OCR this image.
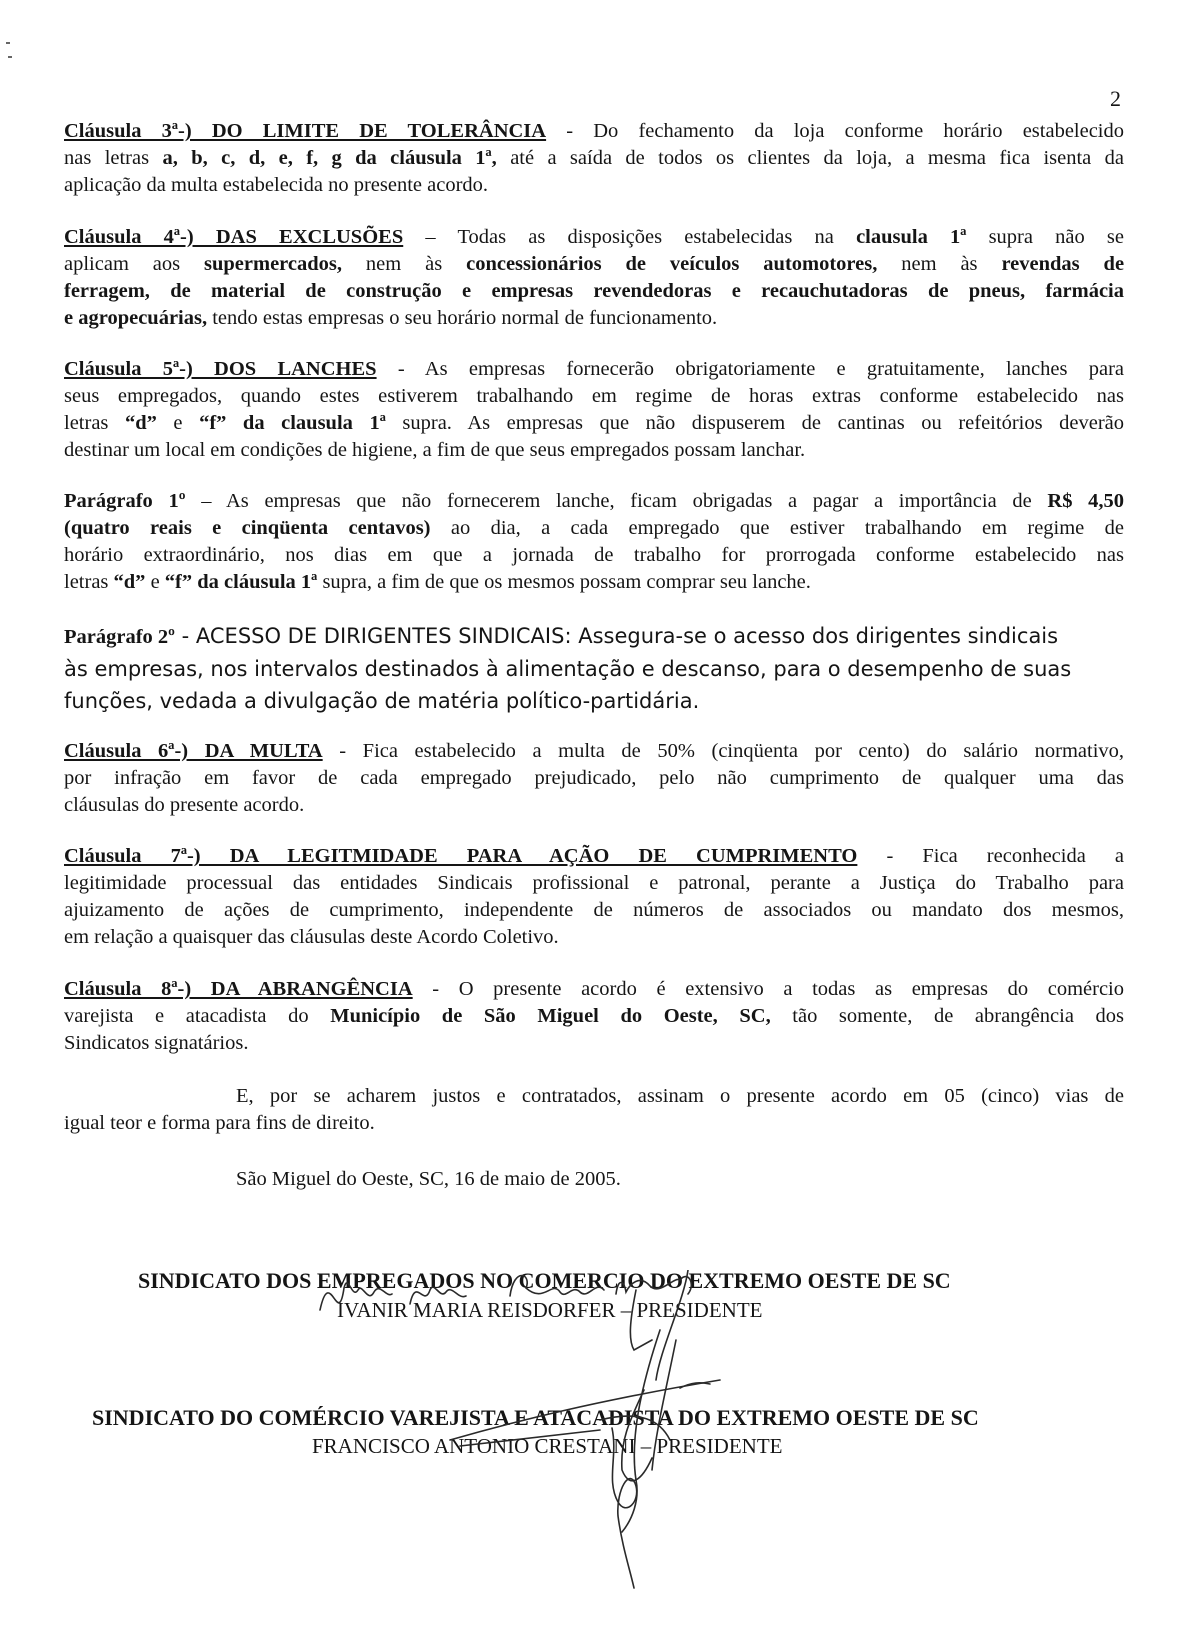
2
Cláusula 3ª-) DO LIMITE DE TOLERÂNCIA - Do fechamento da loja conforme horário estabelecido
nas letras a, b, c, d, e, f, g da cláusula 1ª, até a saída de todos os clientes da loja, a mesma fica isenta da
aplicação da multa estabelecida no presente acordo.
Cláusula 4ª-) DAS EXCLUSÕES – Todas as disposições estabelecidas na clausula 1ª supra não se
aplicam aos supermercados, nem às concessionários de veículos automotores, nem às revendas de
ferragem, de material de construção e empresas revendedoras e recauchutadoras de pneus, farmácia
e agropecuárias, tendo estas empresas o seu horário normal de funcionamento.
Cláusula 5ª-) DOS LANCHES - As empresas fornecerão obrigatoriamente e gratuitamente, lanches para
seus empregados, quando estes estiverem trabalhando em regime de horas extras conforme estabelecido nas
letras “d” e “f” da clausula 1ª supra. As empresas que não dispuserem de cantinas ou refeitórios deverão
destinar um local em condições de higiene, a fim de que seus empregados possam lanchar.
Parágrafo 1º – As empresas que não fornecerem lanche, ficam obrigadas a pagar a importância de R$ 4,50
(quatro reais e cinqüenta centavos) ao dia, a cada empregado que estiver trabalhando em regime de
horário extraordinário, nos dias em que a jornada de trabalho for prorrogada conforme estabelecido nas
letras “d” e “f” da cláusula 1ª supra, a fim de que os mesmos possam comprar seu lanche.
Parágrafo 2º - ACESSO DE DIRIGENTES SINDICAIS: Assegura-se o acesso dos dirigentes sindicais
às empresas, nos intervalos destinados à alimentação e descanso, para o desempenho de suas
funções, vedada a divulgação de matéria político-partidária.
Cláusula 6ª-) DA MULTA - Fica estabelecido a multa de 50% (cinqüenta por cento) do salário normativo,
por infração em favor de cada empregado prejudicado, pelo não cumprimento de qualquer uma das
cláusulas do presente acordo.
Cláusula 7ª-) DA LEGITMIDADE PARA AÇÃO DE CUMPRIMENTO - Fica reconhecida a
legitimidade processual das entidades Sindicais profissional e patronal, perante a Justiça do Trabalho para
ajuizamento de ações de cumprimento, independente de números de associados ou mandato dos mesmos,
em relação a quaisquer das cláusulas deste Acordo Coletivo.
Cláusula 8ª-) DA ABRANGÊNCIA - O presente acordo é extensivo a todas as empresas do comércio
varejista e atacadista do Município de São Miguel do Oeste, SC, tão somente, de abrangência dos
Sindicatos signatários.
E, por se acharem justos e contratados, assinam o presente acordo em 05 (cinco) vias de
igual teor e forma para fins de direito.
São Miguel do Oeste, SC, 16 de maio de 2005.
SINDICATO DOS EMPREGADOS NO COMERCIO DO EXTREMO OESTE DE SC
IVANIR MARIA REISDORFER – PRESIDENTE
SINDICATO DO COMÉRCIO VAREJISTA E ATACADISTA DO EXTREMO OESTE DE SC
FRANCISCO ANTONIO CRESTANI – PRESIDENTE
